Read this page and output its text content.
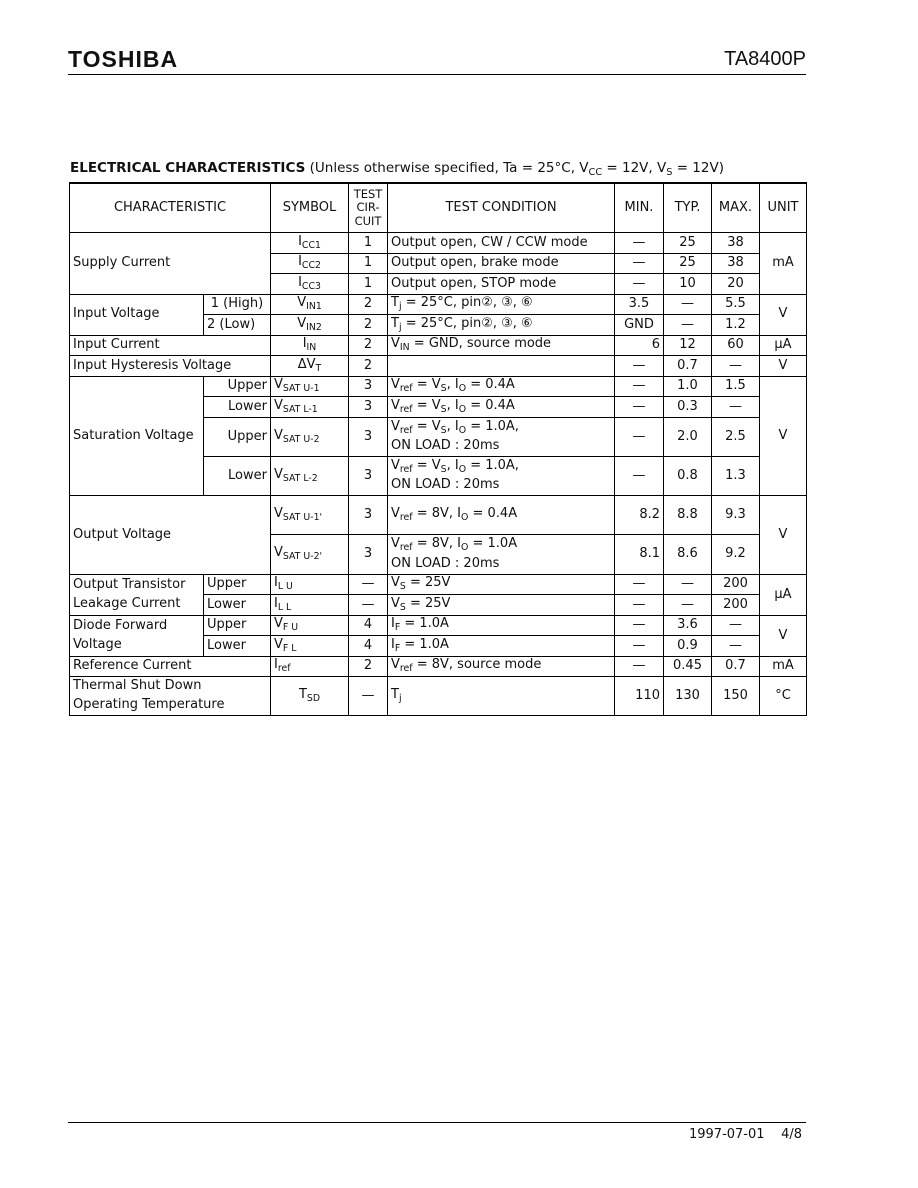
TOSHIBA	TA8400P
ELECTRICAL CHARACTERISTICS (Unless otherwise specified, Ta = 25°C, $V_{CC} = 12V$, $V_S = 12V$)
CHARACTERISTIC		SYMBOL	TEST
CIR-
CUIT	TEST CONDITION	MIN.	TYP.	MAX.	UNIT
Supply Current		$I_{CC1}$	1	Output open, CW / CCW mode	—	25	38	mA
		$I_{CC2}$	1	Output open, brake mode	—	25	38	
		$I_{CC3}$	1	Output open, STOP mode	—	10	20	
Input Voltage	1 (High)	$V_{IN1}$	2	$T_j = 25^\circ C$, pin②, ③, ⑥	3.5	—	5.5	V
	2 (Low)	$V_{IN2}$	2	$T_j = 25^\circ C$, pin②, ③, ⑥	GND	—	1.2	
Input Current		$I_{IN}$	2	$V_{IN}$ = GND, source mode	6	12	60	μA
Input Hysteresis Voltage		$\Delta V_T$	2		—	0.7	—	V
Saturation Voltage	Upper	$V_{SAT U-1}$	3	$V_{ref} = V_S$, $I_O = 0.4A$	—	1.0	1.5	V
	Lower	$V_{SAT L-1}$	3	$V_{ref} = V_S$, $I_O = 0.4A$	—	0.3	—	
	Upper	$V_{SAT U-2}$	3	$V_{ref} = V_S$, $I_O = 1.0A$,
ON LOAD : 20ms	—	2.0	2.5	
	Lower	$V_{SAT L-2}$	3	$V_{ref} = V_S$, $I_O = 1.0A$,
ON LOAD : 20ms	—	0.8	1.3	
Output Voltage		$V_{SAT U-1'}$	3	$V_{ref} = 8V$, $I_O = 0.4A$	8.2	8.8	9.3	V
		$V_{SAT U-2'}$	3	$V_{ref} = 8V$, $I_O = 1.0A$
ON LOAD : 20ms	8.1	8.6	9.2	
Output Transistor
Leakage Current	Upper	$I_{L U}$	—	$V_S = 25V$	—	—	200	μA
	Lower	$I_{L L}$	—	$V_S = 25V$	—	—	200	
Diode Forward
Voltage	Upper	$V_{F U}$	4	$I_F = 1.0A$	—	3.6	—	V
	Lower	$V_{F L}$	4	$I_F = 1.0A$	—	0.9	—	
Reference Current		$I_{ref}$	2	$V_{ref} = 8V$, source mode	—	0.45	0.7	mA
Thermal Shut Down
Operating Temperature		$T_{SD}$	—	$T_j$	110	130	150	°C
1997-07-01 4/8
